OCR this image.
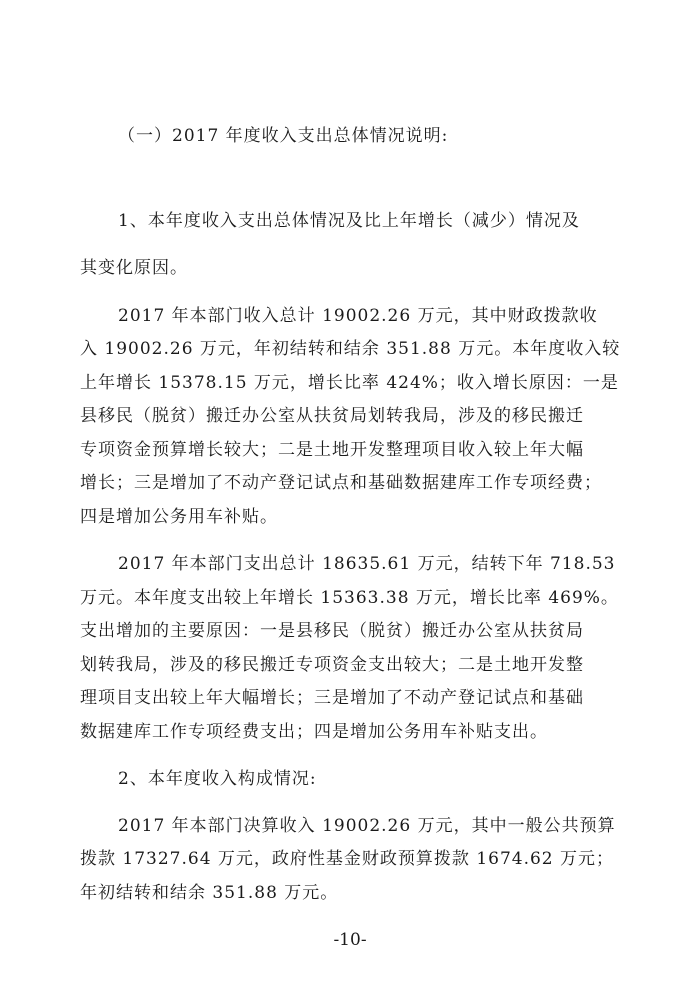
（一）2017 年度收入支出总体情况说明:
1、本年度收入支出总体情况及比上年增长（减少）情况及
其变化原因。
2017 年本部门收入总计 19002.26 万元，其中财政拨款收
入 19002.26 万元，年初结转和结余 351.88 万元。本年度收入较
上年增长 15378.15 万元，增长比率 424%；收入增长原因：一是
县移民（脱贫）搬迁办公室从扶贫局划转我局，涉及的移民搬迁
专项资金预算增长较大；二是土地开发整理项目收入较上年大幅
增长；三是增加了不动产登记试点和基础数据建库工作专项经费；
四是增加公务用车补贴。
2017 年本部门支出总计 18635.61 万元，结转下年 718.53
万元。本年度支出较上年增长 15363.38 万元，增长比率 469%。
支出增加的主要原因：一是县移民（脱贫）搬迁办公室从扶贫局
划转我局，涉及的移民搬迁专项资金支出较大；二是土地开发整
理项目支出较上年大幅增长；三是增加了不动产登记试点和基础
数据建库工作专项经费支出；四是增加公务用车补贴支出。
2、本年度收入构成情况:
2017 年本部门决算收入 19002.26 万元，其中一般公共预算
拨款 17327.64 万元，政府性基金财政预算拨款 1674.62 万元；
年初结转和结余 351.88 万元。
-10-
